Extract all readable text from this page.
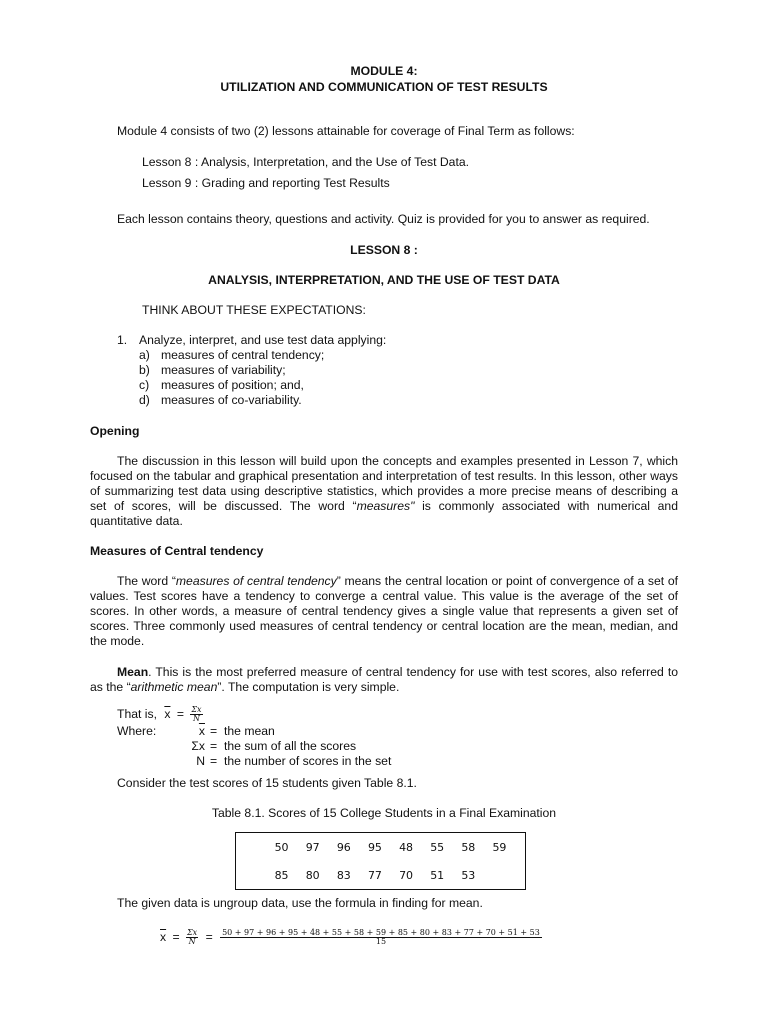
MODULE 4:
UTILIZATION AND COMMUNICATION OF TEST RESULTS
Module 4 consists of two (2) lessons attainable for coverage of Final Term as follows:
Lesson 8 : Analysis, Interpretation, and the Use of Test Data.
Lesson 9 : Grading and reporting Test Results
Each lesson contains theory, questions and activity. Quiz is provided for you to answer as required.
LESSON 8 :
ANALYSIS, INTERPRETATION, AND THE USE OF TEST DATA
THINK ABOUT THESE EXPECTATIONS:
1. Analyze, interpret, and use test data applying:
a) measures of central tendency;
b) measures of variability;
c) measures of position; and,
d) measures of co-variability.
Opening
The discussion in this lesson will build upon the concepts and examples presented in Lesson 7, which focused on the tabular and graphical presentation and interpretation of test results. In this lesson, other ways of summarizing test data using descriptive statistics, which provides a more precise means of describing a set of scores, will be discussed. The word “measures" is commonly associated with numerical and quantitative data.
Measures of Central tendency
The word “measures of central tendency” means the central location or point of convergence of a set of values. Test scores have a tendency to converge a central value. This value is the average of the set of scores. In other words, a measure of central tendency gives a single value that represents a given set of scores. Three commonly used measures of central tendency or central location are the mean, median, and the mode.
Mean. This is the most preferred measure of central tendency for use with test scores, also referred to as the “arithmetic mean”. The computation is very simple.
That is, $\overline{x} = \frac{\Sigma x}{N}$
Where:	$\overline{x}$ = the mean
Σx = the sum of all the scores
N = the number of scores in the set
Consider the test scores of 15 students given Table 8.1.
Table 8.1. Scores of 15 College Students in a Final Examination
	50	97	96	95	48	55	58	59	
	85	80	83	77	70	51	53		
The given data is ungroup data, use the formula in finding for mean.
$\overline{x} = \frac{\Sigma x}{N} = 50 + 97 + 96 + 95 + 48 + 55 + 58 + 59 + 85 + 80 + 83 + 77 + 70 + 51 + 53$
15
